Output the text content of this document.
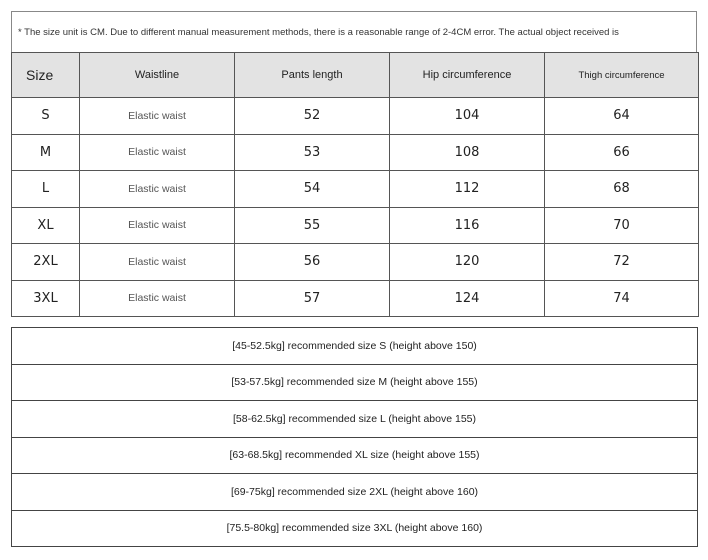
* The size unit is CM. Due to different manual measurement methods, there is a reasonable range of 2-4CM error. The actual object received is
Size	Waistline	Pants length	Hip circumference	Thigh circumference
S	Elastic waist	52	104	64
M	Elastic waist	53	108	66
L	Elastic waist	54	112	68
XL	Elastic waist	55	116	70
2XL	Elastic waist	56	120	72
3XL	Elastic waist	57	124	74
[45-52.5kg] recommended size S (height above 150)
[53-57.5kg] recommended size M (height above 155)
[58-62.5kg] recommended size L (height above 155)
[63-68.5kg] recommended XL size (height above 155)
[69-75kg] recommended size 2XL (height above 160)
[75.5-80kg] recommended size 3XL (height above 160)
